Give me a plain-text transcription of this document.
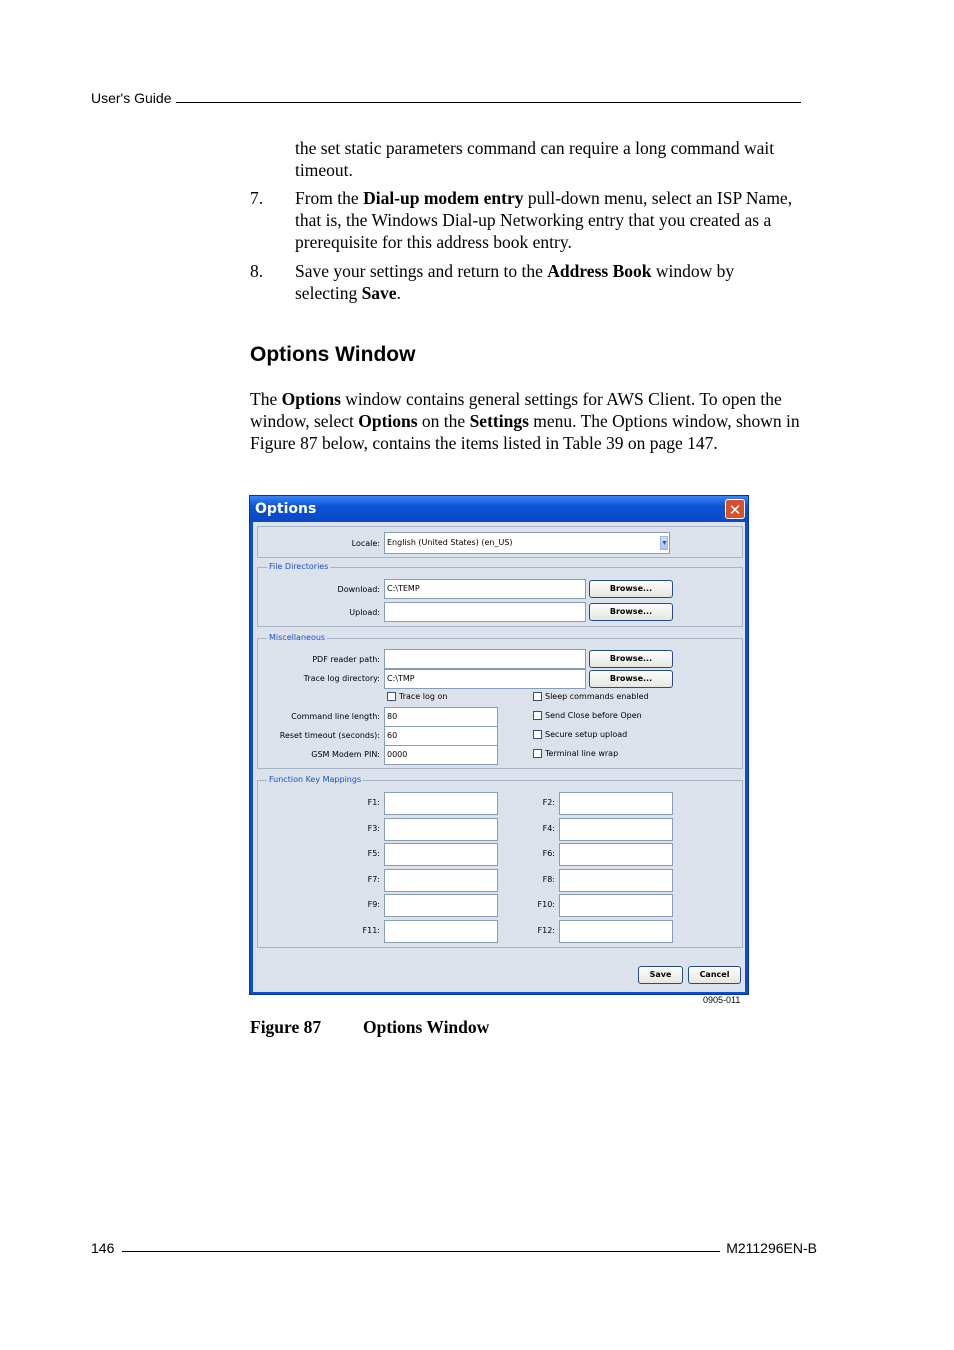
User's Guide
the set static parameters command can require a long command wait timeout.
7. From the Dial-up modem entry pull-down menu, select an ISP Name, that is, the Windows Dial-up Networking entry that you created as a prerequisite for this address book entry.
8. Save your settings and return to the Address Book window by selecting Save.
Options Window
The Options window contains general settings for AWS Client. To open the window, select Options on the Settings menu. The Options window, shown in Figure 87 below, contains the items listed in Table 39 on page 147.
Options	✕
Locale: English (United States) (en_US)	▼
File Directories
Download: C:\TEMP	Browse...
Upload:	Browse...
Miscellaneous
PDF reader path:	Browse...
Trace log directory: C:\TMP	Browse...
Trace log on	Sleep commands enabled
Command line length: 80	Send Close before Open
Reset timeout (seconds): 60	Secure setup upload
GSM Modem PIN: 0000	Terminal line wrap
Function Key Mappings
F1:	F2:
F3:	F4:
F5:	F6:
F7:	F8:
F9:	F10:
F11:	F12:
Save	Cancel
0905-011
Figure 87 Options Window
146	M211296EN-B
